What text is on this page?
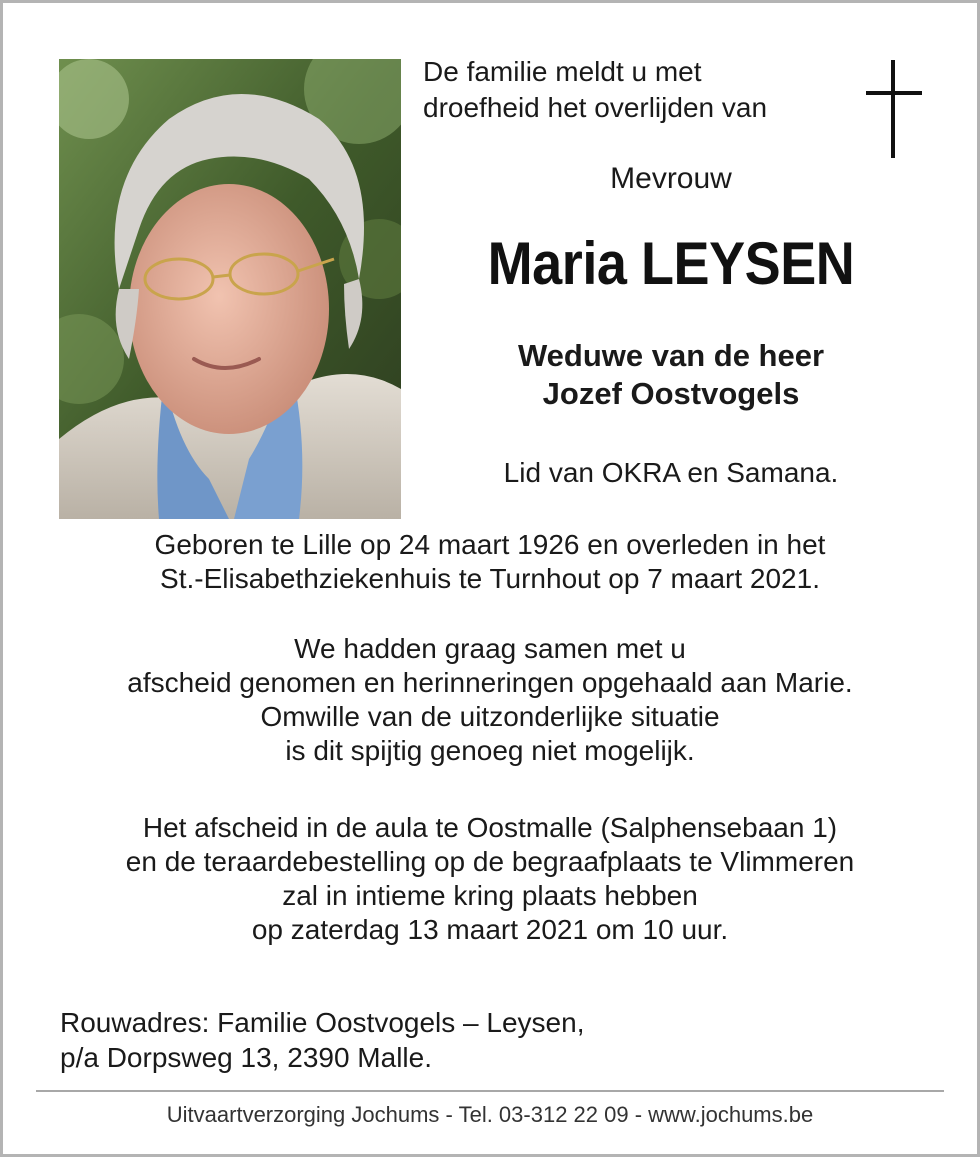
De familie meldt u met
droefheid het overlijden van

Mevrouw

Maria LEYSEN

Weduwe van de heer
Jozef Oostvogels

Lid van OKRA en Samana.

Geboren te Lille op 24 maart 1926 en overleden in het
St.-Elisabethziekenhuis te Turnhout op 7 maart 2021.

We hadden graag samen met u
afscheid genomen en herinneringen opgehaald aan Marie.
Omwille van de uitzonderlijke situatie
is dit spijtig genoeg niet mogelijk.

Het afscheid in de aula te Oostmalle (Salphensebaan 1)
en de teraardebestelling op de begraafplaats te Vlimmeren
zal in intieme kring plaats hebben
op zaterdag 13 maart 2021 om 10 uur.

Rouwadres: Familie Oostvogels – Leysen,
p/a Dorpsweg 13, 2390 Malle.

Uitvaartverzorging Jochums - Tel. 03-312 22 09 - www.jochums.be
